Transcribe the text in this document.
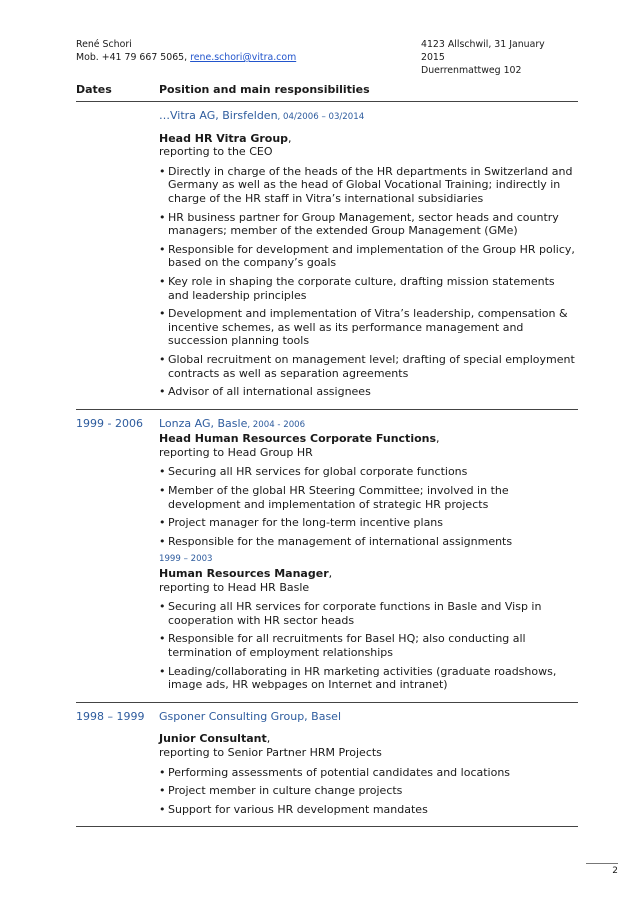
René Schori
Mob. +41 79 667 5065, rene.schori@vitra.com
4123 Allschwil, 31 January 2015
Duerrenmattweg 102
Dates	Position and main responsibilities
…Vitra AG, Birsfelden, 04/2006 – 03/2014
Head HR Vitra Group,
reporting to the CEO
• Directly in charge of the heads of the HR departments in Switzerland and Germany as well as the head of Global Vocational Training; indirectly in charge of the HR staff in Vitra’s international subsidiaries
• HR business partner for Group Management, sector heads and country managers; member of the extended Group Management (GMe)
• Responsible for development and implementation of the Group HR policy, based on the company’s goals
• Key role in shaping the corporate culture, drafting mission statements and leadership principles
• Development and implementation of Vitra’s leadership, compensation & incentive schemes, as well as its performance management and succession planning tools
• Global recruitment on management level; drafting of special employment contracts as well as separation agreements
• Advisor of all international assignees
1999 - 2006 Lonza AG, Basle, 2004 - 2006
Head Human Resources Corporate Functions,
reporting to Head Group HR
• Securing all HR services for global corporate functions
• Member of the global HR Steering Committee; involved in the development and implementation of strategic HR projects
• Project manager for the long-term incentive plans
• Responsible for the management of international assignments
1999 – 2003
Human Resources Manager,
reporting to Head HR Basle
• Securing all HR services for corporate functions in Basle and Visp in cooperation with HR sector heads
• Responsible for all recruitments for Basel HQ; also conducting all termination of employment relationships
• Leading/collaborating in HR marketing activities (graduate roadshows, image ads, HR webpages on Internet and intranet)
1998 – 1999 Gsponer Consulting Group, Basel
Junior Consultant,
reporting to Senior Partner HRM Projects
• Performing assessments of potential candidates and locations
• Project member in culture change projects
• Support for various HR development mandates
2
